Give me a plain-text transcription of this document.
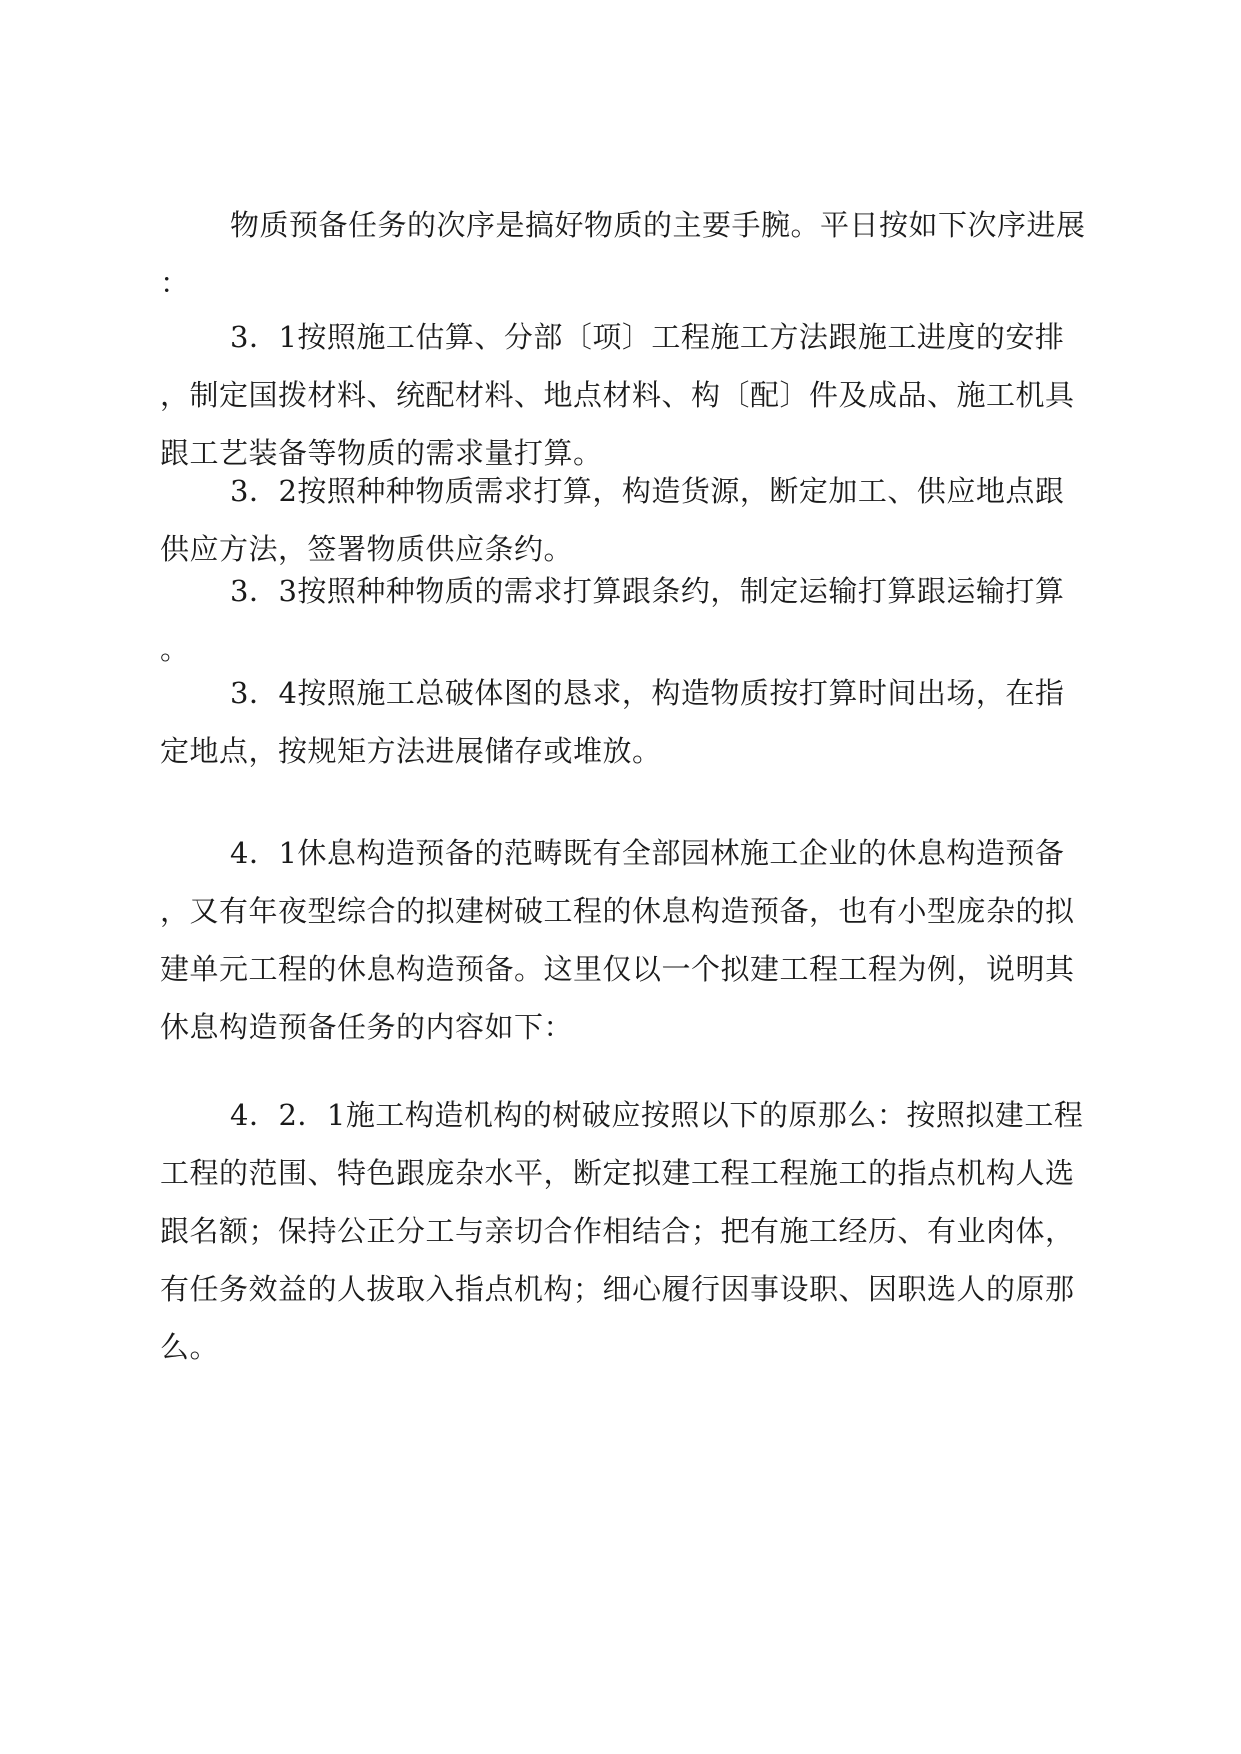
物质预备任务的次序是搞好物质的主要手腕。平日按如下次序进展
：
3．1按照施工估算、分部〔项〕工程施工方法跟施工进度的安排
，制定国拨材料、统配材料、地点材料、构〔配〕件及成品、施工机具
跟工艺装备等物质的需求量打算。
3．2按照种种物质需求打算，构造货源，断定加工、供应地点跟
供应方法，签署物质供应条约。
3．3按照种种物质的需求打算跟条约，制定运输打算跟运输打算
。
3．4按照施工总破体图的恳求，构造物质按打算时间出场，在指
定地点，按规矩方法进展储存或堆放。
4．1休息构造预备的范畴既有全部园林施工企业的休息构造预备
，又有年夜型综合的拟建树破工程的休息构造预备，也有小型庞杂的拟
建单元工程的休息构造预备。这里仅以一个拟建工程工程为例，说明其
休息构造预备任务的内容如下：
4．2．1施工构造机构的树破应按照以下的原那么：按照拟建工程
工程的范围、特色跟庞杂水平，断定拟建工程工程施工的指点机构人选
跟名额；保持公正分工与亲切合作相结合；把有施工经历、有业肉体，
有任务效益的人拔取入指点机构；细心履行因事设职、因职选人的原那
么。
